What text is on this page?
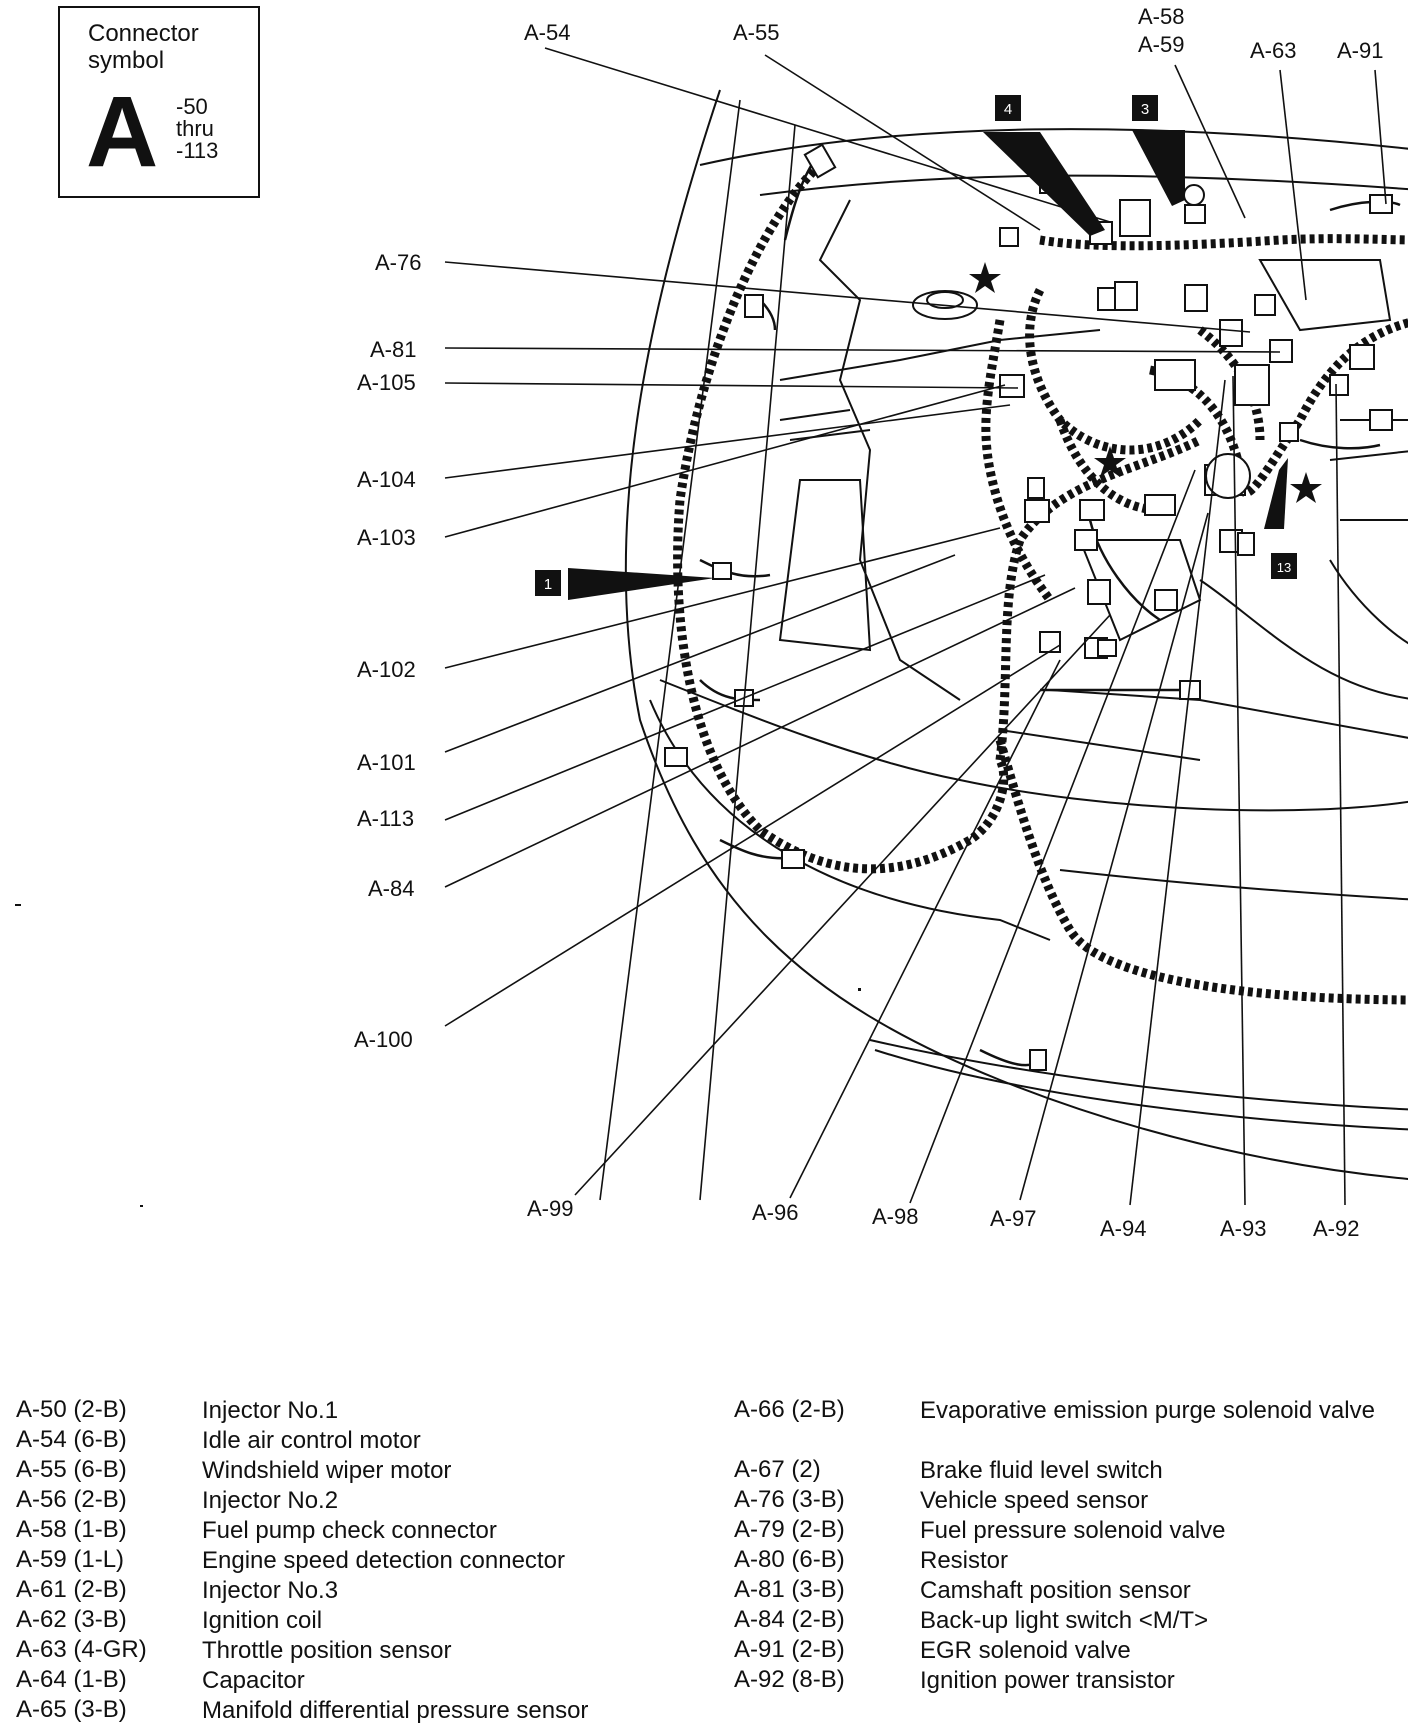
Connector
symbol
A -50
thru
-113
1
4	3
13
A-54	A-55
A-58
A-59	A-63 A-91
A-76
A-81
A-105
A-104
A-103
A-102
A-101
A-113
A-84
A-100
A-99	A-96	A-98	A-97	A-94	A-93 A-92
A-50 (2-B)	Injector No.1
A-54 (6-B)	Idle air control motor
A-55 (6-B)	Windshield wiper motor
A-56 (2-B)	Injector No.2
A-58 (1-B)	Fuel pump check connector
A-59 (1-L)	Engine speed detection connector
A-61 (2-B)	Injector No.3
A-62 (3-B)	Ignition coil
A-63 (4-GR) Throttle position sensor
A-64 (1-B)	Capacitor
A-65 (3-B)	Manifold differential pressure sensor
A-66 (2-B)	Evaporative emission purge solenoid valve
A-67 (2)	Brake fluid level switch
A-76 (3-B)	Vehicle speed sensor
A-79 (2-B)	Fuel pressure solenoid valve
A-80 (6-B)	Resistor
A-81 (3-B)	Camshaft position sensor
A-84 (2-B)	Back-up light switch <M/T>
A-91 (2-B)	EGR solenoid valve
A-92 (8-B)	Ignition power transistor
